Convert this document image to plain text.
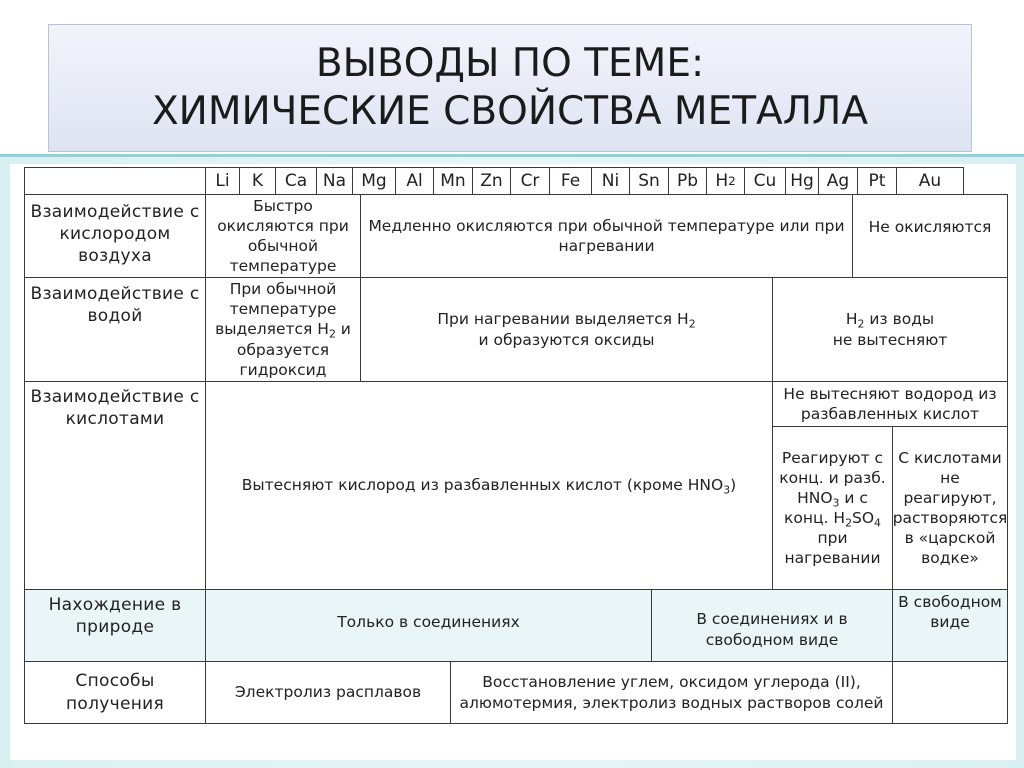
ВЫВОДЫ ПО ТЕМЕ:
ХИМИЧЕСКИЕ СВОЙСТВА МЕТАЛЛА
Li K Ca Na Mg Al Mn Zn Cr Fe Ni Sn Pb H 2 Cu Hg Ag Pt Au
Взаимодействие с кислородом воздуха
Быстро окисляются при обычной температуре
Медленно окисляются при обычной температуре или при нагревании
Не окисляются
Взаимодействие с водой
При обычной температуре выделяется $H_2$ и образуется гидроксид
При нагревании выделяется $H_2$
и образуются оксиды
$H_2$ из воды
не вытесняют
Взаимодействие с кислотами
Вытесняют кислород из разбавленных кислот (кроме $HNO_3$)
Не вытесняют водород из разбавленных кислот
Реагируют с конц. и разб. $HNO_3$ и с конц. $H_2SO_4$ при нагревании
С кислотами не реагируют, растворяются в «царской водке»
Нахождение в природе	Только в соединениях	В соединениях и в свободном виде
В свободном виде
Способы получения
Электролиз расплавов
Восстановление углем, оксидом углерода (II), алюмотермия, электролиз водных растворов солей
